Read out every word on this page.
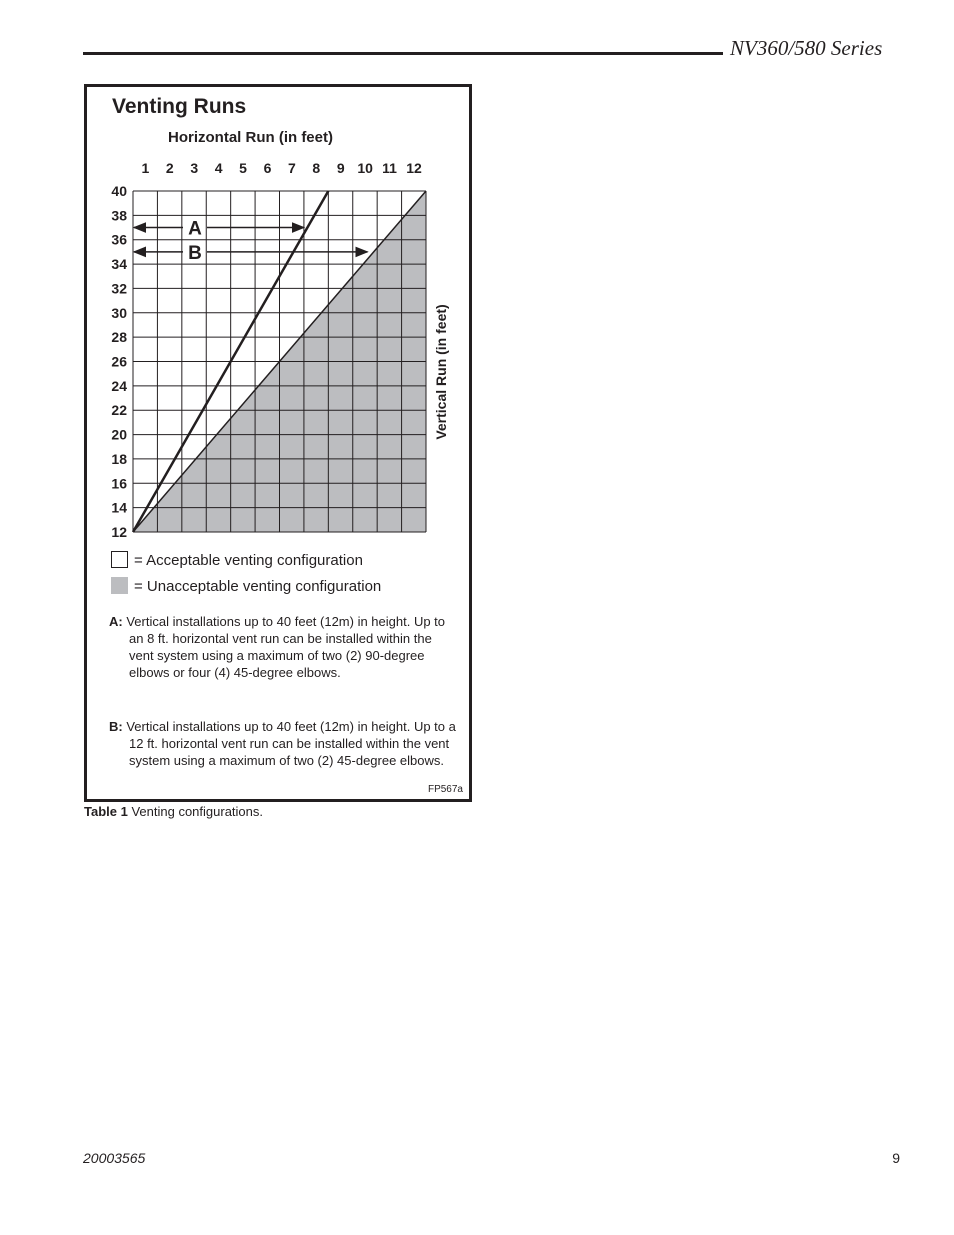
NV360/580 Series
Venting Runs
Horizontal Run (in feet)
1 2 3 4 5 6 7 8 9 10 11 12
12
14
16
18
20
22
24
26
28
30
32
34
36
38
40
A
B
Vertical Run (in feet)
= Acceptable venting configuration
= Unacceptable venting configuration
A: Vertical installations up to 40 feet (12m) in height. Up to an 8 ft. horizontal vent run can be installed within the vent system using a maximum of two (2) 90-degree elbows or four (4) 45-degree elbows.
B: Vertical installations up to 40 feet (12m) in height. Up to a 12 ft. horizontal vent run can be installed within the vent system using a maximum of two (2) 45-degree elbows.
FP567a
Table 1 Venting configurations.
20003565	9
